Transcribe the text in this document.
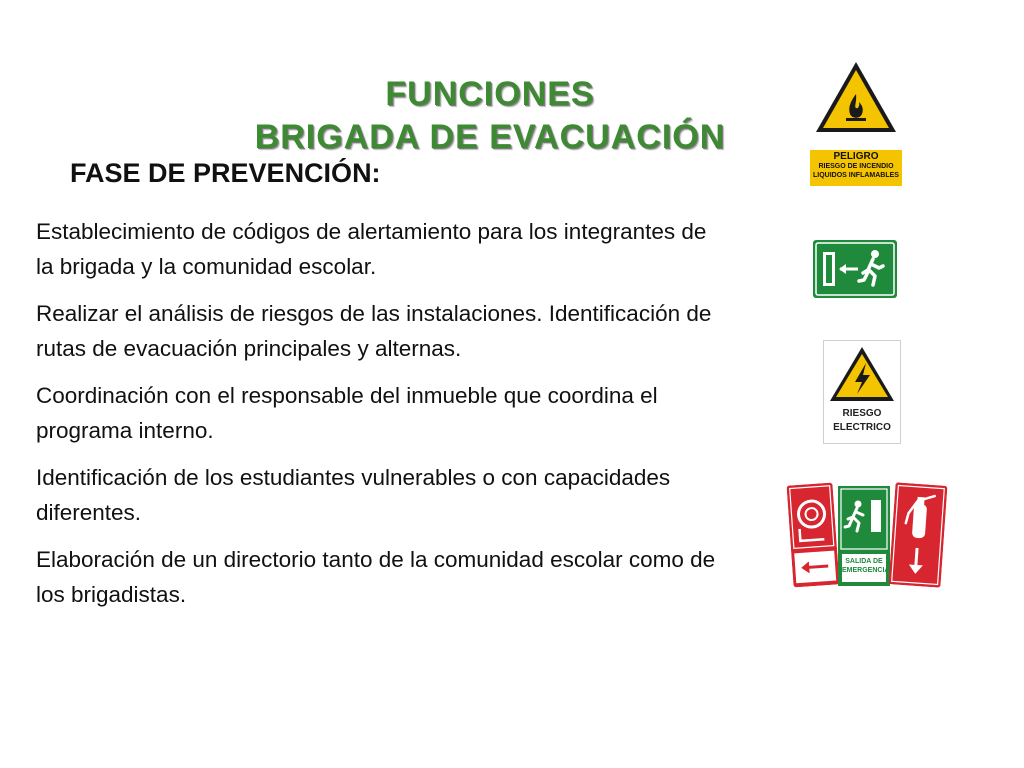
FUNCIONES
BRIGADA DE EVACUACIÓN
FASE DE PREVENCIÓN:
Establecimiento de códigos de alertamiento para los integrantes de la brigada y la comunidad escolar.
Realizar el análisis de riesgos de las instalaciones. Identificación de rutas de evacuación principales y alternas.
Coordinación con el responsable del inmueble que coordina el programa interno.
Identificación de los estudiantes vulnerables o con capacidades diferentes.
Elaboración de un directorio tanto de la comunidad escolar como de los brigadistas.
PELIGRO
RIESGO DE INCENDIO
LIQUIDOS INFLAMABLES
RIESGO
ELECTRICO
SALIDA DE
EMERGENCIA
